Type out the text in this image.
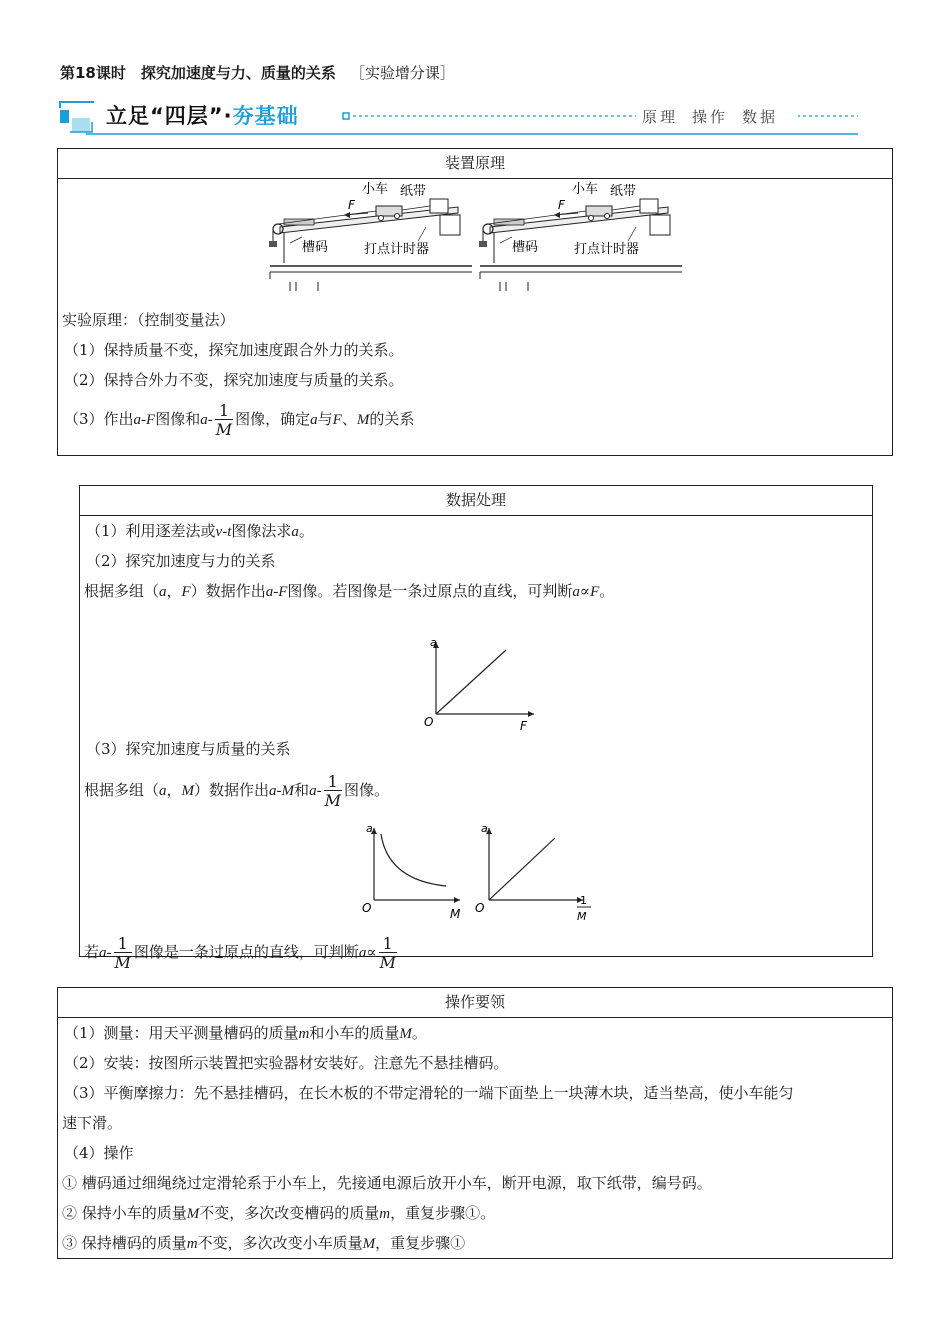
第18课时　探究加速度与力、质量的关系 ［实验增分课］
立足“四层”·夯基础	原理 操作 数据
装置原理

小车 纸带
F
槽码	打点计时器
小车 纸带
F
槽码	打点计时器
实验原理：（控制变量法）
（1）保持质量不变，探究加速度跟合外力的关系。
（2）保持合外力不变，探究加速度与质量的关系。
（3）作出a-F图像和$a- \frac{1}{M}$ 图像，确定a与F、M的关系
数据处理

（1）利用逐差法或v-t图像法求a。
（2）探究加速度与力的关系
根据多组（a，F）数据作出a-F图像。若图像是一条过原点的直线，可判断a∝F。
a
O	F
（3）探究加速度与质量的关系
根据多组（a，M）数据作出a-M和$a- \frac{1}{M}$ 图像。
a
O	M
a
O
1
M
若$a- \frac{1}{M}$ 图像是一条过原点的直线，可判断$a\propto \frac{1}{M}$
操作要领

（1）测量：用天平测量槽码的质量m和小车的质量M。
（2）安装：按图所示装置把实验器材安装好。注意先不悬挂槽码。
（3）平衡摩擦力：先不悬挂槽码，在长木板的不带定滑轮的一端下面垫上一块薄木块，适当垫高，使小车能匀
速下滑。
（4）操作
① 槽码通过细绳绕过定滑轮系于小车上，先接通电源后放开小车，断开电源，取下纸带，编号码。
② 保持小车的质量M不变，多次改变槽码的质量m，重复步骤①。
③ 保持槽码的质量m不变，多次改变小车质量M，重复步骤①
